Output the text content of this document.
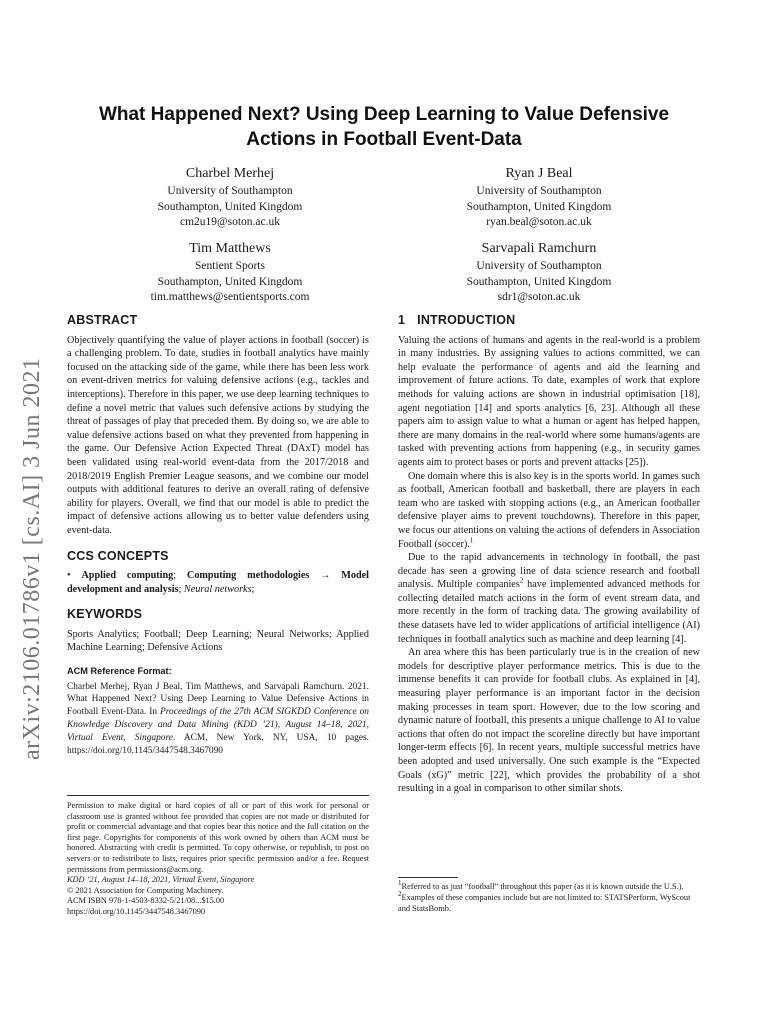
arXiv:2106.01786v1 [cs.AI] 3 Jun 2021
What Happened Next? Using Deep Learning to Value Defensive
Actions in Football Event-Data
Charbel Merhej
University of Southampton
Southampton, United Kingdom
cm2u19@soton.ac.uk
Ryan J Beal
University of Southampton
Southampton, United Kingdom
ryan.beal@soton.ac.uk
Tim Matthews
Sentient Sports
Southampton, United Kingdom
tim.matthews@sentientsports.com
Sarvapali Ramchurn
University of Southampton
Southampton, United Kingdom
sdr1@soton.ac.uk
ABSTRACT

Objectively quantifying the value of player actions in football (soccer) is a challenging problem. To date, studies in football analytics have mainly focused on the attacking side of the game, while there has been less work on event-driven metrics for valuing defensive actions (e.g., tackles and interceptions). Therefore in this paper, we use deep learning techniques to define a novel metric that values such defensive actions by studying the threat of passages of play that preceded them. By doing so, we are able to value defensive actions based on what they prevented from happening in the game. Our Defensive Action Expected Threat (DAxT) model has been validated using real-world event-data from the 2017/2018 and 2018/2019 English Premier League seasons, and we combine our model outputs with additional features to derive an overall rating of defensive ability for players. Overall, we find that our model is able to predict the impact of defensive actions allowing us to better value defenders using event-data.

CCS CONCEPTS

• Applied computing; Computing methodologies → Model development and analysis; Neural networks;

KEYWORDS

Sports Analytics; Football; Deep Learning; Neural Networks; Applied Machine Learning; Defensive Actions

ACM Reference Format:

Charbel Merhej, Ryan J Beal, Tim Matthews, and Sarvapali Ramchurn. 2021. What Happened Next? Using Deep Learning to Value Defensive Actions in Football Event-Data. In Proceedings of the 27th ACM SIGKDD Conference on Knowledge Discovery and Data Mining (KDD ’21), August 14–18, 2021, Virtual Event, Singapore. ACM, New York, NY, USA, 10 pages. https://doi.org/10.1145/3447548.3467090

Permission to make digital or hard copies of all or part of this work for personal or classroom use is granted without fee provided that copies are not made or distributed for profit or commercial advantage and that copies bear this notice and the full citation on the first page. Copyrights for components of this work owned by others than ACM must be honored. Abstracting with credit is permitted. To copy otherwise, or republish, to post on servers or to redistribute to lists, requires prior specific permission and/or a fee. Request permissions from permissions@acm.org.
KDD ’21, August 14–18, 2021, Virtual Event, Singapore
© 2021 Association for Computing Machinery.
ACM ISBN 978-1-4503-8332-5/21/08...$15.00
https://doi.org/10.1145/3447548.3467090
1 INTRODUCTION

Valuing the actions of humans and agents in the real-world is a problem in many industries. By assigning values to actions committed, we can help evaluate the performance of agents and aid the learning and improvement of future actions. To date, examples of work that explore methods for valuing actions are shown in industrial optimisation [18], agent negotiation [14] and sports analytics [6, 23]. Although all these papers aim to assign value to what a human or agent has helped happen, there are many domains in the real-world where some humans/agents are tasked with preventing actions from happening (e.g., in security games agents aim to protect bases or ports and prevent attacks [25]).

One domain where this is also key is in the sports world. In games such as football, American football and basketball, there are players in each team who are tasked with stopping actions (e.g., an American footballer defensive player aims to prevent touchdowns). Therefore in this paper, we focus our attentions on valuing the actions of defenders in Association Football (soccer).$^1$

Due to the rapid advancements in technology in football, the past decade has seen a growing line of data science research and football analysis. Multiple companies$^2$ have implemented advanced methods for collecting detailed match actions in the form of event stream data, and more recently in the form of tracking data. The growing availability of these datasets have led to wider applications of artificial intelligence (AI) techniques in football analytics such as machine and deep learning [4].

An area where this has been particularly true is in the creation of new models for descriptive player performance metrics. This is due to the immense benefits it can provide for football clubs. As explained in [4], measuring player performance is an important factor in the decision making processes in team sport. However, due to the low scoring and dynamic nature of football, this presents a unique challenge to AI to value actions that often do not impact the scoreline directly but have important longer-term effects [6]. In recent years, multiple successful metrics have been adopted and used universally. One such example is the “Expected Goals (xG)” metric [22], which provides the probability of a shot resulting in a goal in comparison to other similar shots.

$^1$Referred to as just “football” throughout this paper (as it is known outside the U.S.).
$^2$Examples of these companies include but are not limited to: STATSPerform, WyScout and StatsBomb.
